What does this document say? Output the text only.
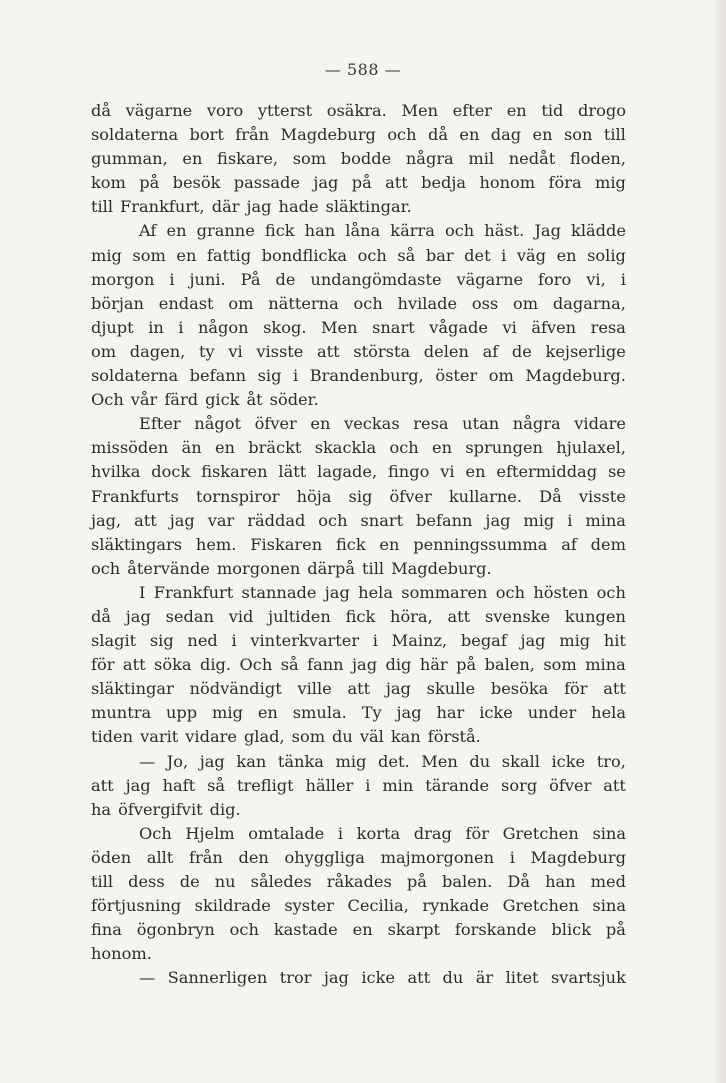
— 588 —
då vägarne voro ytterst osäkra. Men efter en tid drogo
soldaterna bort från Magdeburg och då en dag en son till
gumman, en fiskare, som bodde några mil nedåt floden,
kom på besök passade jag på att bedja honom föra mig
till Frankfurt, där jag hade släktingar.
Af en granne fick han låna kärra och häst. Jag klädde
mig som en fattig bondflicka och så bar det i väg en solig
morgon i juni. På de undangömdaste vägarne foro vi, i
början endast om nätterna och hvilade oss om dagarna,
djupt in i någon skog. Men snart vågade vi äfven resa
om dagen, ty vi visste att största delen af de kejserlige
soldaterna befann sig i Brandenburg, öster om Magdeburg.
Och vår färd gick åt söder.
Efter något öfver en veckas resa utan några vidare
missöden än en bräckt skackla och en sprungen hjulaxel,
hvilka dock fiskaren lätt lagade, fingo vi en eftermiddag se
Frankfurts tornspiror höja sig öfver kullarne. Då visste
jag, att jag var räddad och snart befann jag mig i mina
släktingars hem. Fiskaren fick en penningssumma af dem
och återvände morgonen därpå till Magdeburg.
I Frankfurt stannade jag hela sommaren och hösten och
då jag sedan vid jultiden fick höra, att svenske kungen
slagit sig ned i vinterkvarter i Mainz, begaf jag mig hit
för att söka dig. Och så fann jag dig här på balen, som mina
släktingar nödvändigt ville att jag skulle besöka för att
muntra upp mig en smula. Ty jag har icke under hela
tiden varit vidare glad, som du väl kan förstå.
— Jo, jag kan tänka mig det. Men du skall icke tro,
att jag haft så trefligt häller i min tärande sorg öfver att
ha öfvergifvit dig.
Och Hjelm omtalade i korta drag för Gretchen sina
öden allt från den ohyggliga majmorgonen i Magdeburg
till dess de nu således råkades på balen. Då han med
förtjusning skildrade syster Cecilia, rynkade Gretchen sina
fina ögonbryn och kastade en skarpt forskande blick på
honom.
— Sannerligen tror jag icke att du är litet svartsjuk
